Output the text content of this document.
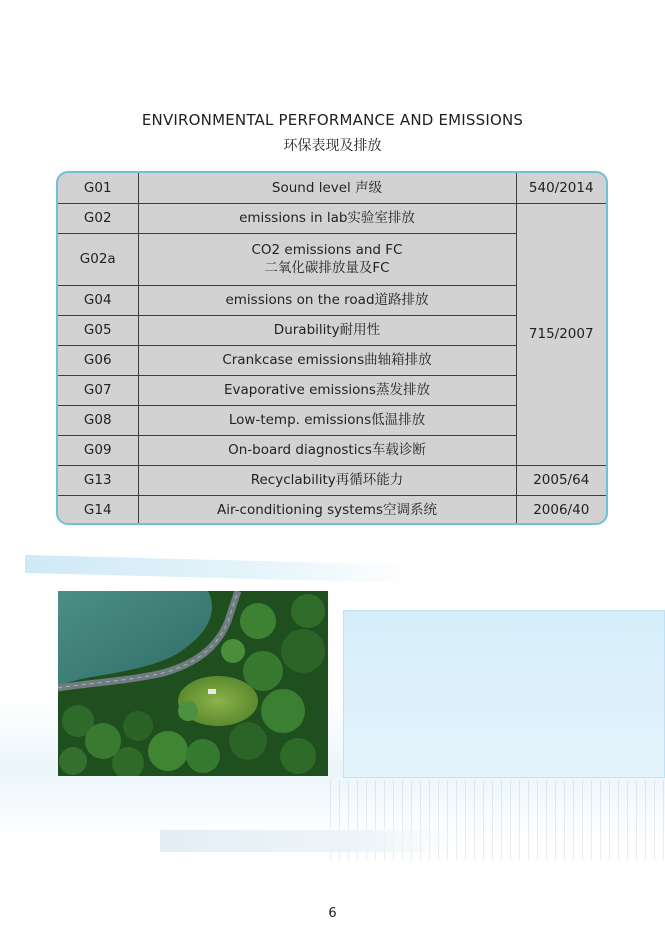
ENVIRONMENTAL PERFORMANCE AND EMISSIONS
环保表现及排放
G01	Sound level 声级	540/2014
G02	emissions in lab实验室排放	715/2007
G02a	CO2 emissions and FC
二氧化碳排放量及FC	

G04	emissions on the road道路排放	
G05	Durability耐用性	
G06	Crankcase emissions曲轴箱排放	
G07	Evaporative emissions蒸发排放	
G08	Low-temp. emissions低温排放	
G09	On-board diagnostics车载诊断	
G13	Recyclability再循环能力	2005/64
G14	Air-conditioning systems空调系统	2006/40
6
